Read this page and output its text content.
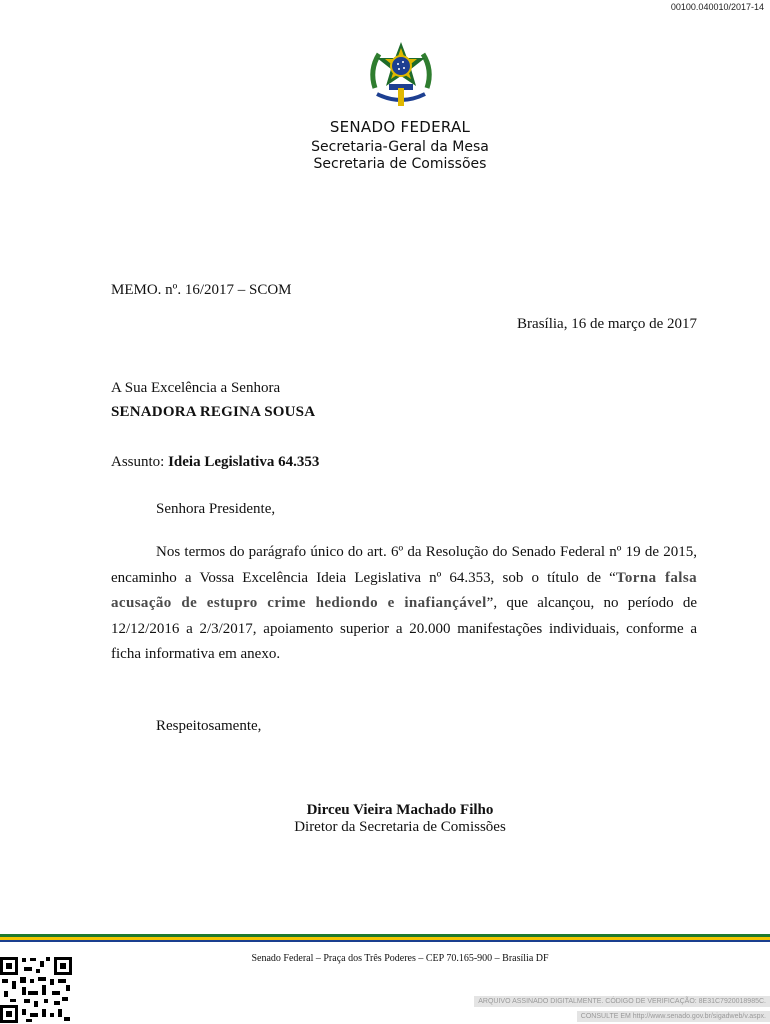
00100.040010/2017-14
SENADO FEDERAL
Secretaria-Geral da Mesa
Secretaria de Comissões
MEMO. nº. 16/2017 – SCOM
Brasília, 16 de março de 2017
A Sua Excelência a Senhora
SENADORA REGINA SOUSA
Assunto: Ideia Legislativa 64.353
Senhora Presidente,
Nos termos do parágrafo único do art. 6º da Resolução do Senado Federal nº 19 de 2015, encaminho a Vossa Excelência Ideia Legislativa nº 64.353, sob o título de “Torna falsa acusação de estupro crime hediondo e inafiançável”, que alcançou, no período de 12/12/2016 a 2/3/2017, apoiamento superior a 20.000 manifestações individuais, conforme a ficha informativa em anexo.
Respeitosamente,
Dirceu Vieira Machado Filho
Diretor da Secretaria de Comissões
Senado Federal – Praça dos Três Poderes – CEP 70.165-900 – Brasília DF
ARQUIVO ASSINADO DIGITALMENTE. CÓDIGO DE VERIFICAÇÃO: 8E31C7920018985C.
CONSULTE EM http://www.senado.gov.br/sigadweb/v.aspx.
